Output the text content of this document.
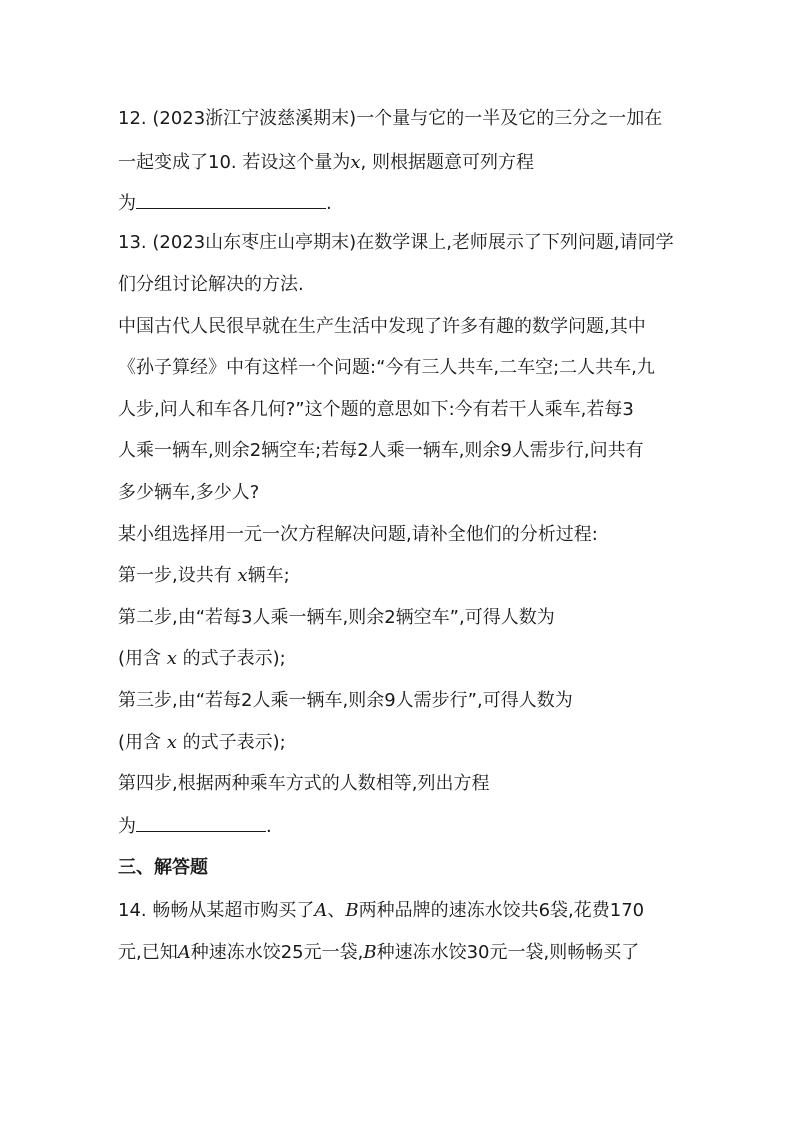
12. (2023浙江宁波慈溪期末)一个量与它的一半及它的三分之一加在
一起变成了10. 若设这个量为x, 则根据题意可列方程
为	.
13. (2023山东枣庄山亭期末)在数学课上,老师展示了下列问题,请同学
们分组讨论解决的方法.
中国古代人民很早就在生产生活中发现了许多有趣的数学问题,其中
《孙子算经》中有这样一个问题:“今有三人共车,二车空;二人共车,九
人步,问人和车各几何?”这个题的意思如下:今有若干人乘车,若每3
人乘一辆车,则余2辆空车;若每2人乘一辆车,则余9人需步行,问共有
多少辆车,多少人?
某小组选择用一元一次方程解决问题,请补全他们的分析过程:
第一步,设共有 x辆车;
第二步,由“若每3人乘一辆车,则余2辆空车”,可得人数为
(用含 x 的式子表示);
第三步,由“若每2人乘一辆车,则余9人需步行”,可得人数为
(用含 x 的式子表示);
第四步,根据两种乘车方式的人数相等,列出方程
为	.
三、解答题
14. 畅畅从某超市购买了A、B两种品牌的速冻水饺共6袋,花费170
元,已知A种速冻水饺25元一袋,B种速冻水饺30元一袋,则畅畅买了
